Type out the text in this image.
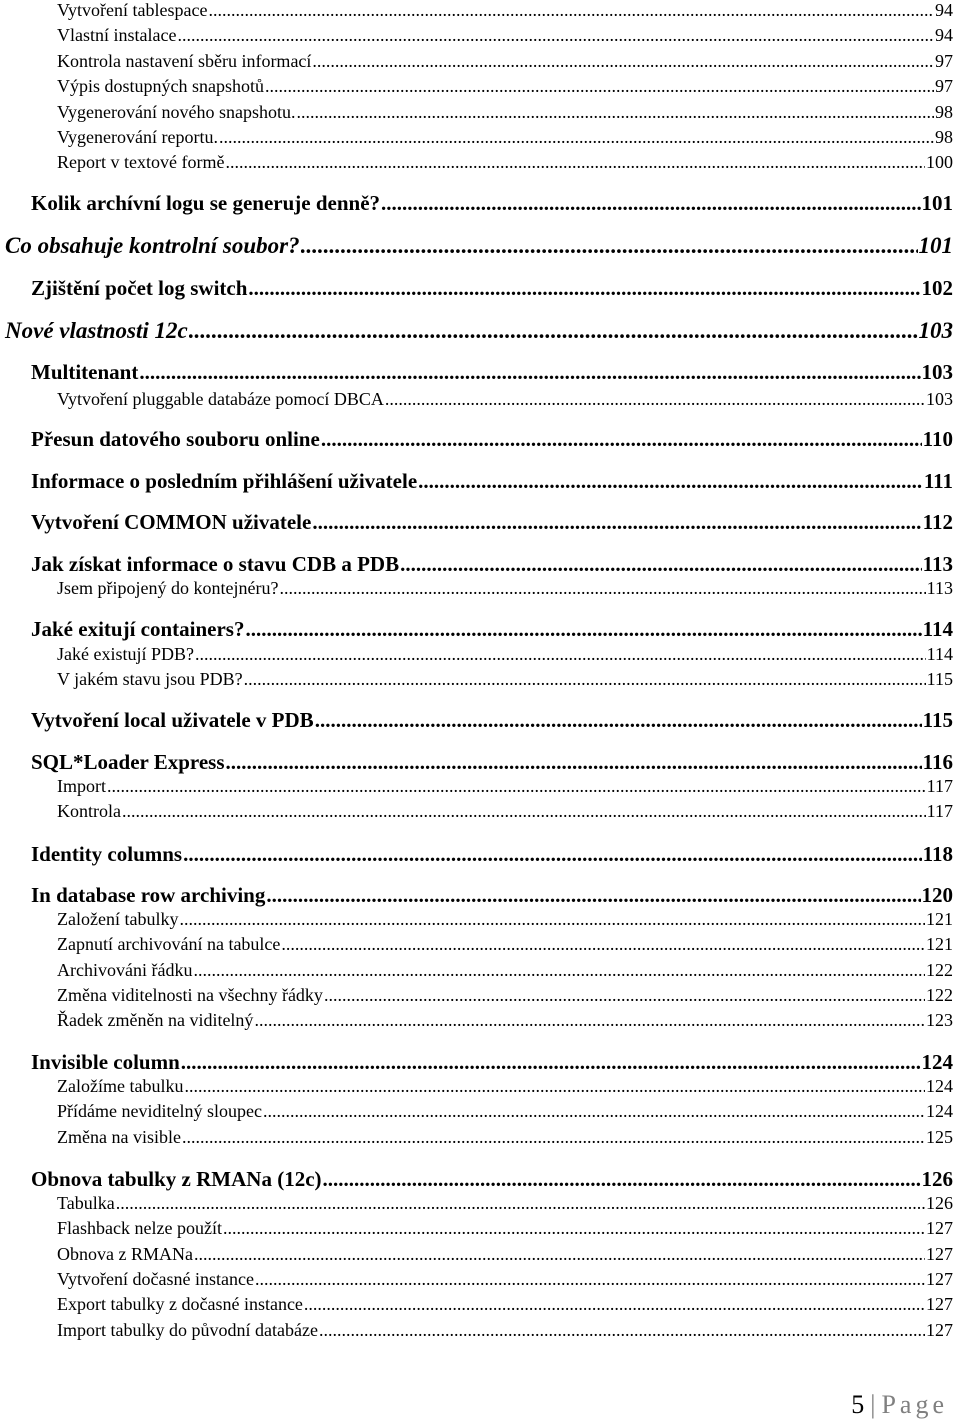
Vytvoření tablespace .....	94
Vlastní instalace .....	94
Kontrola nastavení sběru informací .....	97
Výpis dostupných snapshotů .....	97
Vygenerování nového snapshotu. .....	98
Vygenerování reportu. .....	98
Report v textové formě .....	100
Kolik archívní logu se generuje denně? .....	101
Co obsahuje kontrolní soubor? .....	101
Zjištění počet log switch .....	102
Nové vlastnosti 12c .....	103
Multitenant .....	103
Vytvoření pluggable databáze pomocí DBCA .....	103
Přesun datového souboru online .....	110
Informace o posledním přihlášení uživatele .....	111
Vytvoření COMMON uživatele .....	112
Jak získat informace o stavu CDB a PDB .....	113
Jsem připojený do kontejnéru? .....	113
Jaké exitují containers? .....	114
Jaké existují PDB? .....	114
V jakém stavu jsou PDB? .....	115
Vytvoření local uživatele v PDB .....	115
SQL*Loader Express .....	116
Import .....	117
Kontrola .....	117
Identity columns .....	118
In database row archiving .....	120
Založení tabulky .....	121
Zapnutí archivování na tabulce .....	121
Archivováni řádku .....	122
Změna viditelnosti na všechny řádky .....	122
Řadek změněn na viditelný .....	123
Invisible column .....	124
Založíme tabulku .....	124
Přídáme neviditelný sloupec .....	124
Změna na visible .....	125
Obnova tabulky z RMANa (12c) .....	126
Tabulka .....	126
Flashback nelze použít .....	127
Obnova z RMANa .....	127
Vytvoření dočasné instance .....	127
Export tabulky z dočasné instance .....	127
Import tabulky do původní databáze .....	127
5 | Page
